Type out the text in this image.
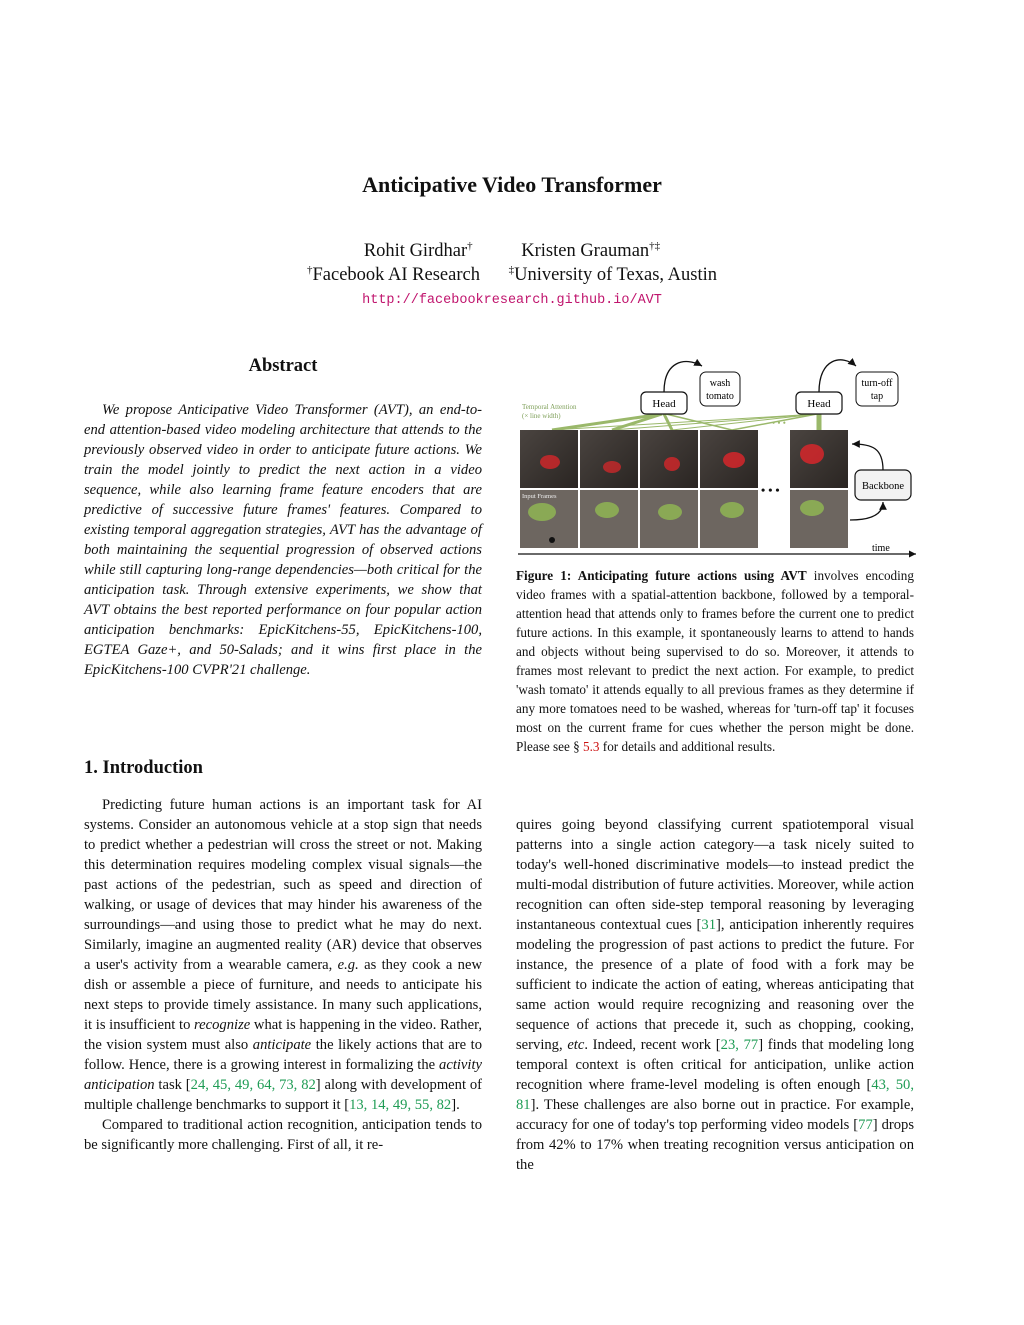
Anticipative Video Transformer
Rohit Girdhar†	Kristen Grauman†‡
†Facebook AI Research	‡University of Texas, Austin
http://facebookresearch.github.io/AVT
Abstract

We propose Anticipative Video Transformer (AVT), an end-to-end attention-based video modeling architecture that attends to the previously observed video in order to anticipate future actions. We train the model jointly to predict the next action in a video sequence, while also learning frame feature encoders that are predictive of successive future frames' features. Compared to existing temporal aggregation strategies, AVT has the advantage of both maintaining the sequential progression of observed actions while still capturing long-range dependencies—both critical for the anticipation task. Through extensive experiments, we show that AVT obtains the best reported performance on four popular action anticipation benchmarks: EpicKitchens-55, EpicKitchens-100, EGTEA Gaze+, and 50-Salads; and it wins first place in the EpicKitchens-100 CVPR'21 challenge.

1. Introduction

Predicting future human actions is an important task for AI systems. Consider an autonomous vehicle at a stop sign that needs to predict whether a pedestrian will cross the street or not. Making this determination requires modeling complex visual signals—the past actions of the pedestrian, such as speed and direction of walking, or usage of devices that may hinder his awareness of the surroundings—and using those to predict what he may do next. Similarly, imagine an augmented reality (AR) device that observes a user's activity from a wearable camera, e.g. as they cook a new dish or assemble a piece of furniture, and needs to anticipate his next steps to provide timely assistance. In many such applications, it is insufficient to recognize what is happening in the video. Rather, the vision system must also anticipate the likely actions that are to follow. Hence, there is a growing interest in formalizing the activity anticipation task [24, 45, 49, 64, 73, 82] along with development of multiple challenge benchmarks to support it [13, 14, 49, 55, 82].

Compared to traditional action recognition, anticipation tends to be significantly more challenging. First of all, it re-

quires going beyond classifying current spatiotemporal visual patterns into a single action category—a task nicely suited to today's well-honed discriminative models—to instead predict the multi-modal distribution of future activities. Moreover, while action recognition can often side-step temporal reasoning by leveraging instantaneous contextual cues [31], anticipation inherently requires modeling the progression of past actions to predict the future. For instance, the presence of a plate of food with a fork may be sufficient to indicate the action of eating, whereas anticipating that same action would require recognizing and reasoning over the sequence of actions that precede it, such as chopping, cooking, serving, etc. Indeed, recent work [23, 77] finds that modeling long temporal context is often critical for anticipation, unlike action recognition where frame-level modeling is often enough [43, 50, 81]. These challenges are also borne out in practice. For example, accuracy for one of today's top performing video models [77] drops from 42% to 17% when treating recognition versus anticipation on the

Temporal Attention
(× line width)
• • •
Head
wash
tomato
Head
turn-off
tap
Input Frames	• • •	Backbone
time
Figure 1: Anticipating future actions using AVT involves encoding video frames with a spatial-attention backbone, followed by a temporal-attention head that attends only to frames before the current one to predict future actions. In this example, it spontaneously learns to attend to hands and objects without being supervised to do so. Moreover, it attends to frames most relevant to predict the next action. For example, to predict 'wash tomato' it attends equally to all previous frames as they determine if any more tomatoes need to be washed, whereas for 'turn-off tap' it focuses most on the current frame for cues whether the person might be done. Please see § 5.3 for details and additional results.
